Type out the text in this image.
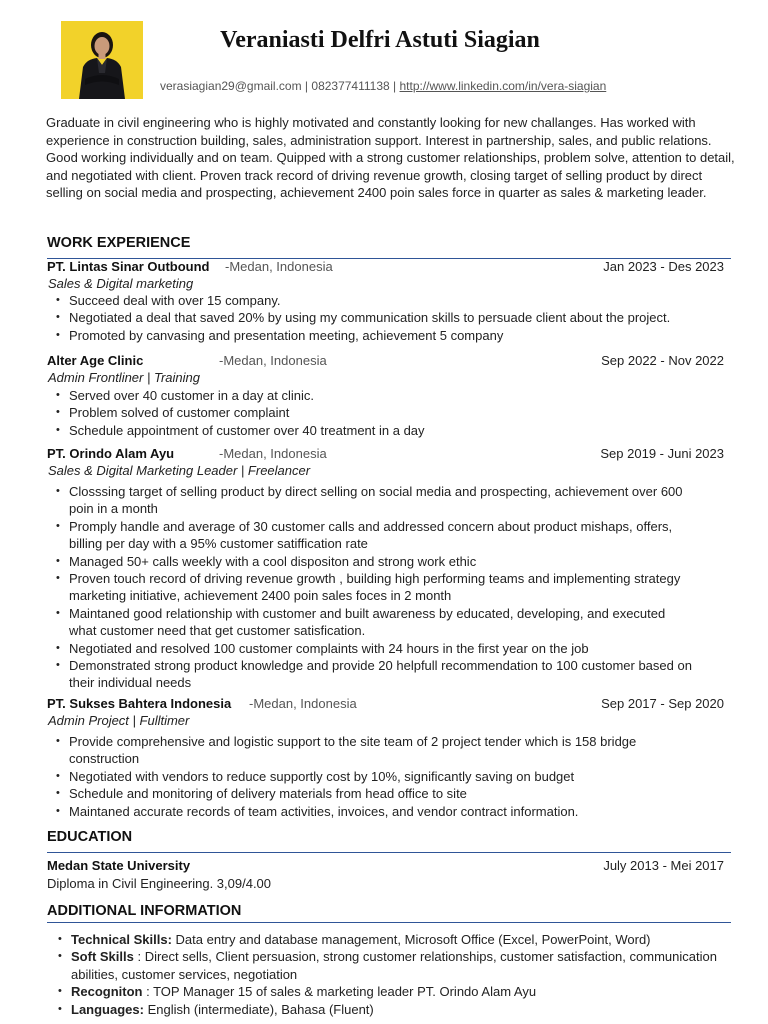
Veraniasti Delfri Astuti Siagian
verasiagian29@gmail.com | 082377411138 | http://www.linkedin.com/in/vera-siagian
Graduate in civil engineering who is highly motivated and constantly looking for new challanges. Has worked with experience in construction building, sales, administration support. Interest in partnership, sales, and public relations. Good working individually and on team. Quipped with a strong customer relationships, problem solve, attention to detail, and negotiated with client. Proven track record of driving revenue growth, closing target of selling product by direct selling on social media and prospecting, achievement 2400 poin sales force in quarter as sales & marketing leader.
WORK EXPERIENCE
PT. Lintas Sinar Outbound -Medan, Indonesia	Jan 2023 - Des 2023
Sales & Digital marketing
• Succeed deal with over 15 company.
• Negotiated a deal that saved 20% by using my communication skills to persuade client about the project.
• Promoted by canvasing and presentation meeting, achievement 5 company
Alter Age Clinic	-Medan, Indonesia	Sep 2022 - Nov 2022
Admin Frontliner | Training
• Served over 40 customer in a day at clinic.
• Problem solved of customer complaint
• Schedule appointment of customer over 40 treatment in a day
PT. Orindo Alam Ayu	-Medan, Indonesia	Sep 2019 - Juni 2023
Sales & Digital Marketing Leader | Freelancer
• Closssing target of selling product by direct selling on social media and prospecting, achievement over 600 poin in a month
• Promply handle and average of 30 customer calls and addressed concern about product mishaps, offers, billing per day with a 95% customer satiffication rate
• Managed 50+ calls weekly with a cool dispositon and strong work ethic
• Proven touch record of driving revenue growth , building high performing teams and implementing strategy marketing initiative, achievement 2400 poin sales foces in 2 month
• Maintaned good relationship with customer and built awareness by educated, developing, and executed what customer need that get customer satisfication.
• Negotiated and resolved 100 customer complaints with 24 hours in the first year on the job
• Demonstrated strong product knowledge and provide 20 helpfull recommendation to 100 customer based on their individual needs
PT. Sukses Bahtera Indonesia -Medan, Indonesia	Sep 2017 - Sep 2020
Admin Project | Fulltimer
• Provide comprehensive and logistic support to the site team of 2 project tender which is 158 bridge construction
• Negotiated with vendors to reduce supportly cost by 10%, significantly saving on budget
• Schedule and monitoring of delivery materials from head office to site
• Maintaned accurate records of team activities, invoices, and vendor contract information.
EDUCATION
Medan State University	July 2013 - Mei 2017
Diploma in Civil Engineering. 3,09/4.00
ADDITIONAL INFORMATION
• Technical Skills: Data entry and database management, Microsoft Office (Excel, PowerPoint, Word)
• Soft Skills : Direct sells, Client persuasion, strong customer relationships, customer satisfaction, communication abilities, customer services, negotiation
• Recogniton : TOP Manager 15 of sales & marketing leader PT. Orindo Alam Ayu
• Languages: English (intermediate), Bahasa (Fluent)
